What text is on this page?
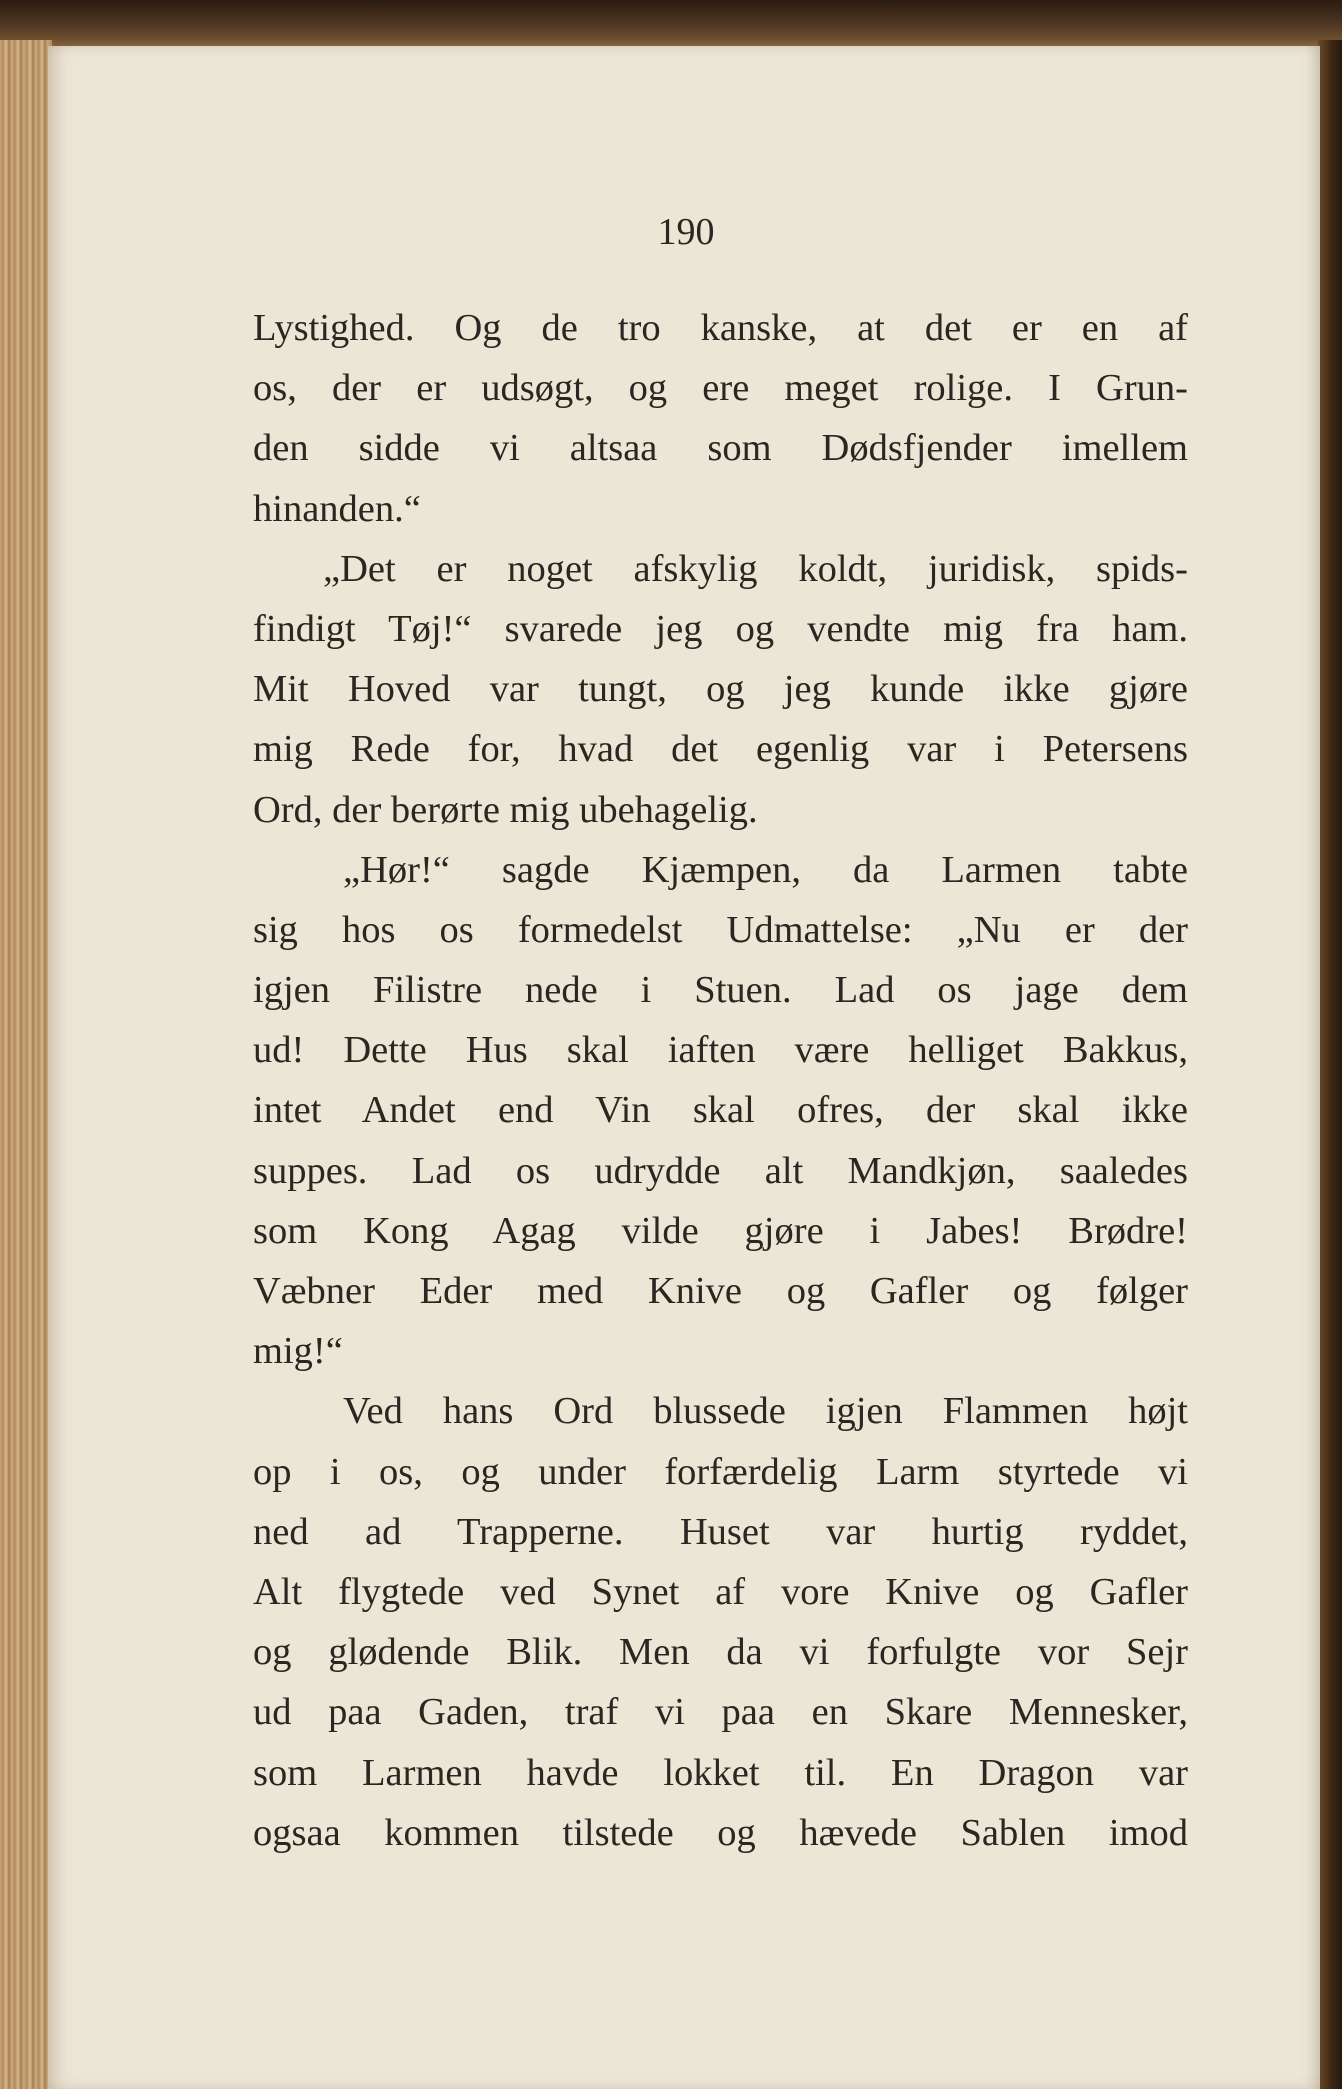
190
Lystighed. Og de tro kanske, at det er en af
os, der er udsøgt, og ere meget rolige. I Grun-
den sidde vi altsaa som Dødsfjender imellem
hinanden.“
„Det er noget afskylig koldt, juridisk, spids-
findigt Tøj!“ svarede jeg og vendte mig fra ham.
Mit Hoved var tungt, og jeg kunde ikke gjøre
mig Rede for, hvad det egenlig var i Petersens
Ord, der berørte mig ubehagelig.
„Hør!“ sagde Kjæmpen, da Larmen tabte
sig hos os formedelst Udmattelse: „Nu er der
igjen Filistre nede i Stuen. Lad os jage dem
ud! Dette Hus skal iaften være helliget Bakkus,
intet Andet end Vin skal ofres, der skal ikke
suppes. Lad os udrydde alt Mandkjøn, saaledes
som Kong Agag vilde gjøre i Jabes! Brødre!
Væbner Eder med Knive og Gafler og følger
mig!“
Ved hans Ord blussede igjen Flammen højt
op i os, og under forfærdelig Larm styrtede vi
ned ad Trapperne. Huset var hurtig ryddet,
Alt flygtede ved Synet af vore Knive og Gafler
og glødende Blik. Men da vi forfulgte vor Sejr
ud paa Gaden, traf vi paa en Skare Mennesker,
som Larmen havde lokket til. En Dragon var
ogsaa kommen tilstede og hævede Sablen imod
